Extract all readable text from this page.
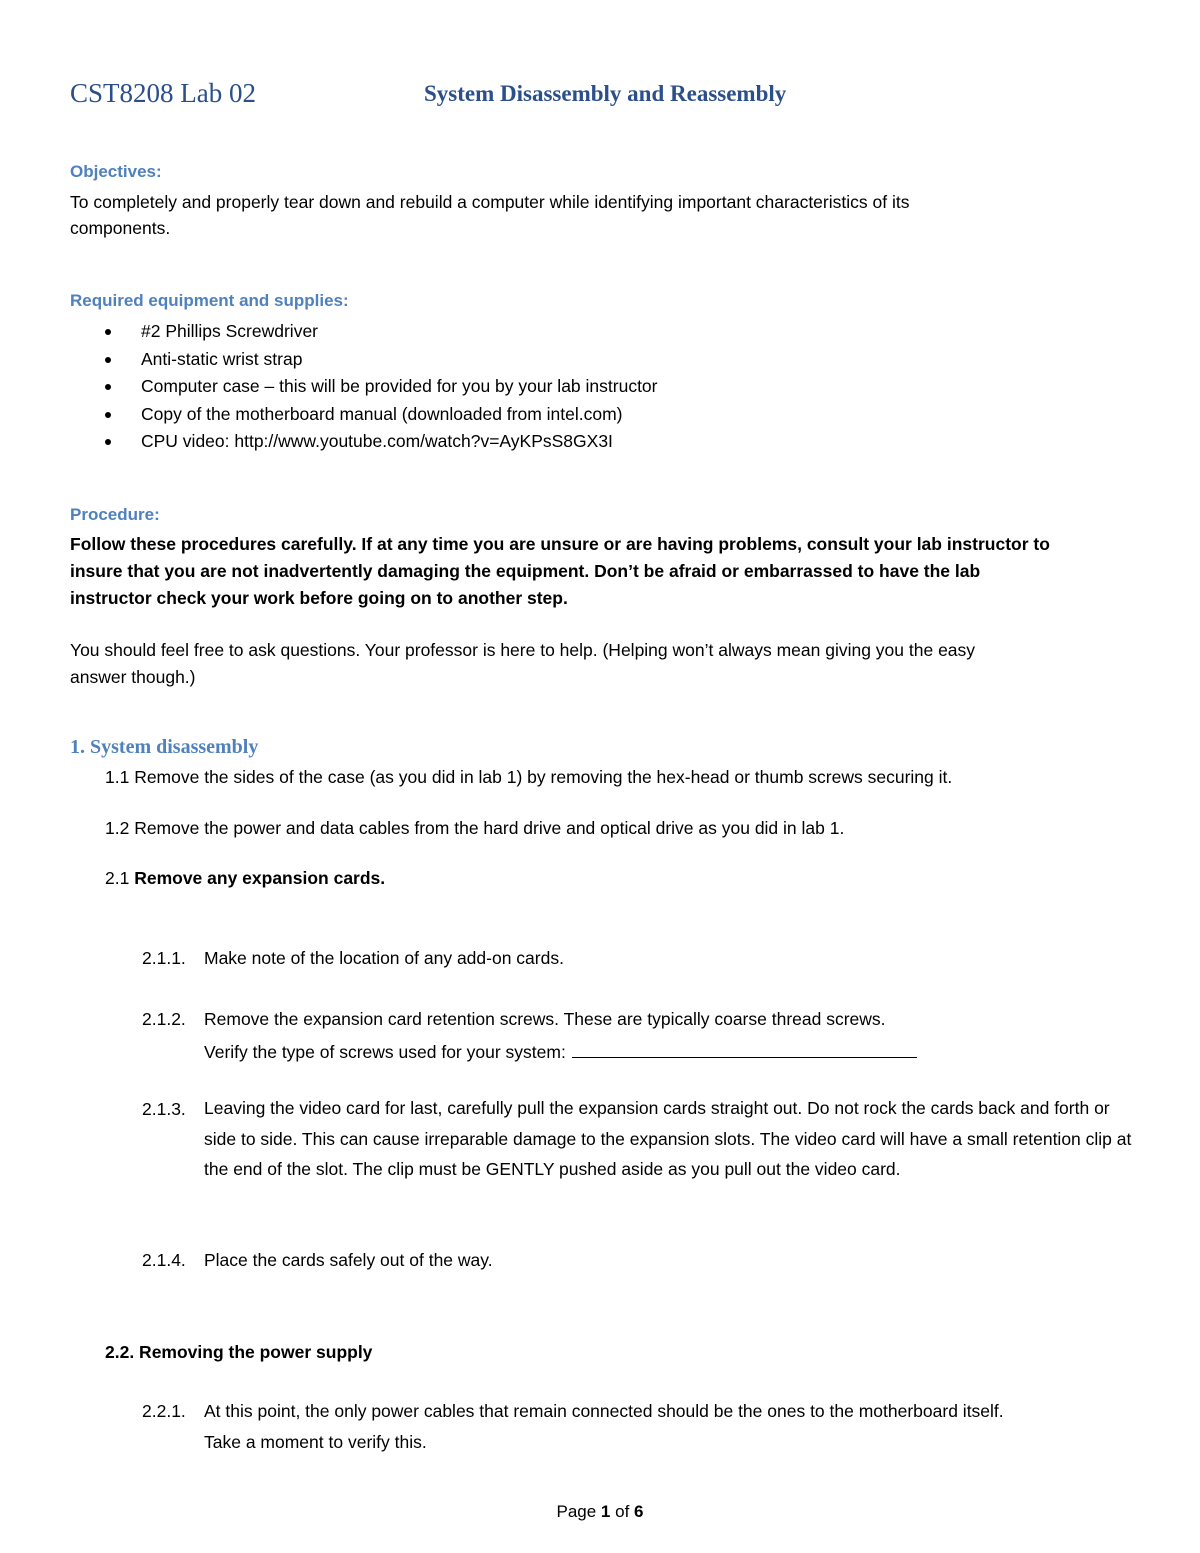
CST8208 Lab 02	System Disassembly and Reassembly
Objectives:
To completely and properly tear down and rebuild a computer while identifying important characteristics of its
components.
Required equipment and supplies:
#2 Phillips Screwdriver
Anti-static wrist strap
Computer case – this will be provided for you by your lab instructor
Copy of the motherboard manual (downloaded from intel.com)
CPU video: http://www.youtube.com/watch?v=AyKPsS8GX3I
Procedure:
Follow these procedures carefully. If at any time you are unsure or are having problems, consult your lab instructor to
insure that you are not inadvertently damaging the equipment. Don’t be afraid or embarrassed to have the lab
instructor check your work before going on to another step.
You should feel free to ask questions. Your professor is here to help. (Helping won’t always mean giving you the easy
answer though.)
1. System disassembly
1.1 Remove the sides of the case (as you did in lab 1) by removing the hex-head or thumb screws securing it.
1.2 Remove the power and data cables from the hard drive and optical drive as you did in lab 1.
2.1 Remove any expansion cards.
2.1.1. Make note of the location of any add-on cards.
2.1.2. Remove the expansion card retention screws. These are typically coarse thread screws.
Verify the type of screws used for your system:
2.1.3. Leaving the video card for last, carefully pull the expansion cards straight out. Do not rock the cards back and forth or side to side. This can cause irreparable damage to the expansion slots. The video card will have a small retention clip at the end of the slot. The clip must be GENTLY pushed aside as you pull out the video card.
2.1.4. Place the cards safely out of the way.
2.2. Removing the power supply
2.2.1. At this point, the only power cables that remain connected should be the ones to the motherboard itself.
Take a moment to verify this.
Page 1 of 6
